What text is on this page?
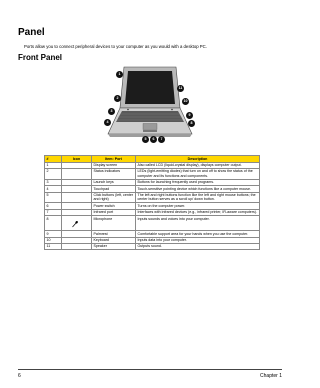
Panel
Ports allow you to connect peripheral devices to your computer as you would with a desktop PC.
Front Panel
1
2
3
4
5	6	7
8
9
10
11
#	Icon	Item: Port	Description
1		Display screen	Also called LCD (liquid-crystal display), displays computer output.
2		Status indicators	LEDs (light-emitting diodes) that turn on and off to show the status of the computer and its functions and components.
3		Launch keys	Buttons for launching frequently used programs.
4		Touchpad	Touch-sensitive pointing device which functions like a computer mouse.
5		Click buttons (left, center and right)	The left and right buttons function like the left and right mouse buttons; the center button serves as a scroll up/ down button.
6		Power switch	Turns on the computer power.
7		Infrared port	Interfaces with infrared devices (e.g., infrared printer, IR-aware computers).
8		Microphone	Inputs sounds and voices into your computer.
9		Palmrest	Comfortable support area for your hands when you use the computer.
10		Keyboard	Inputs data into your computer.
11		Speaker	Outputs sound.
6	Chapter 1
